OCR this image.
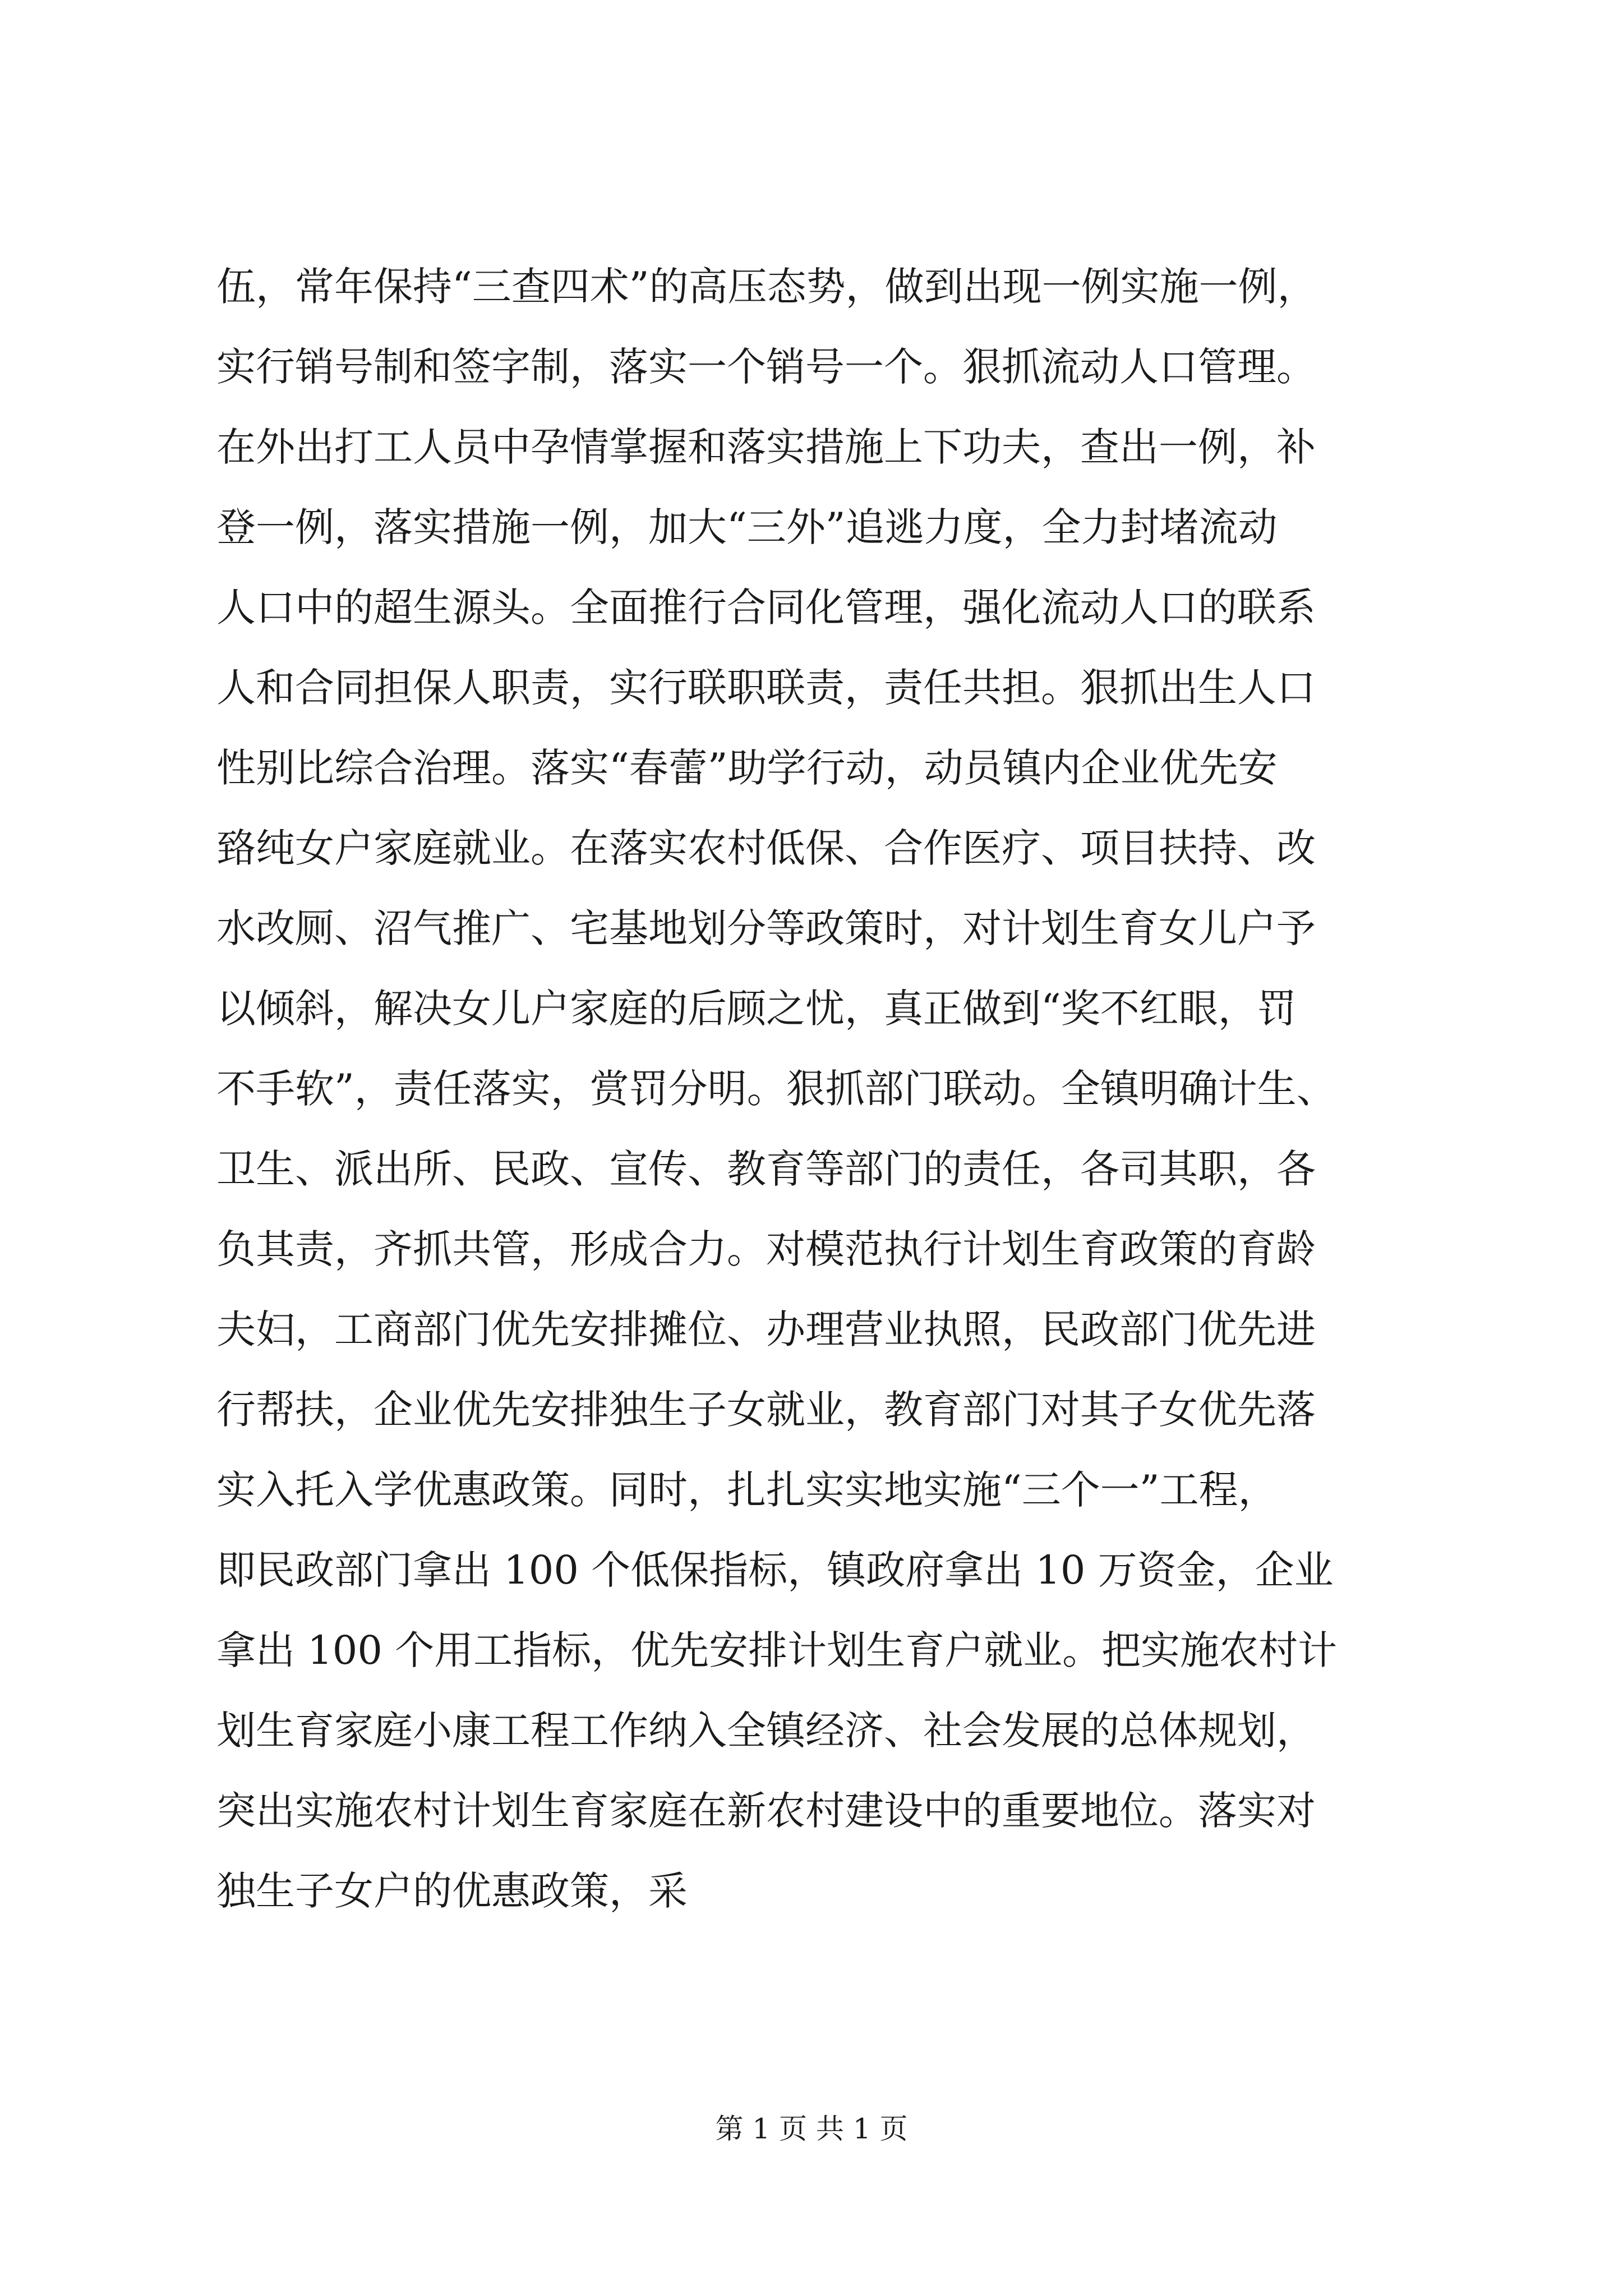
伍，常年保持“三查四术”的高压态势，做到出现一例实施一例，
实行销号制和签字制，落实一个销号一个。狠抓流动人口管理。
在外出打工人员中孕情掌握和落实措施上下功夫，查出一例，补
登一例，落实措施一例，加大“三外”追逃力度，全力封堵流动
人口中的超生源头。全面推行合同化管理，强化流动人口的联系
人和合同担保人职责，实行联职联责，责任共担。狠抓出生人口
性别比综合治理。落实“春蕾”助学行动，动员镇内企业优先安
臵纯女户家庭就业。在落实农村低保、合作医疗、项目扶持、改
水改厕、沼气推广、宅基地划分等政策时，对计划生育女儿户予
以倾斜，解决女儿户家庭的后顾之忧，真正做到“奖不红眼，罚
不手软”，责任落实，赏罚分明。狠抓部门联动。全镇明确计生、
卫生、派出所、民政、宣传、教育等部门的责任，各司其职，各
负其责，齐抓共管，形成合力。对模范执行计划生育政策的育龄
夫妇，工商部门优先安排摊位、办理营业执照，民政部门优先进
行帮扶，企业优先安排独生子女就业，教育部门对其子女优先落
实入托入学优惠政策。同时，扎扎实实地实施“三个一”工程，
即民政部门拿出 100 个低保指标，镇政府拿出 10 万资金，企业
拿出 100 个用工指标，优先安排计划生育户就业。把实施农村计
划生育家庭小康工程工作纳入全镇经济、社会发展的总体规划，
突出实施农村计划生育家庭在新农村建设中的重要地位。落实对
独生子女户的优惠政策，采
第 1 页 共 1 页
